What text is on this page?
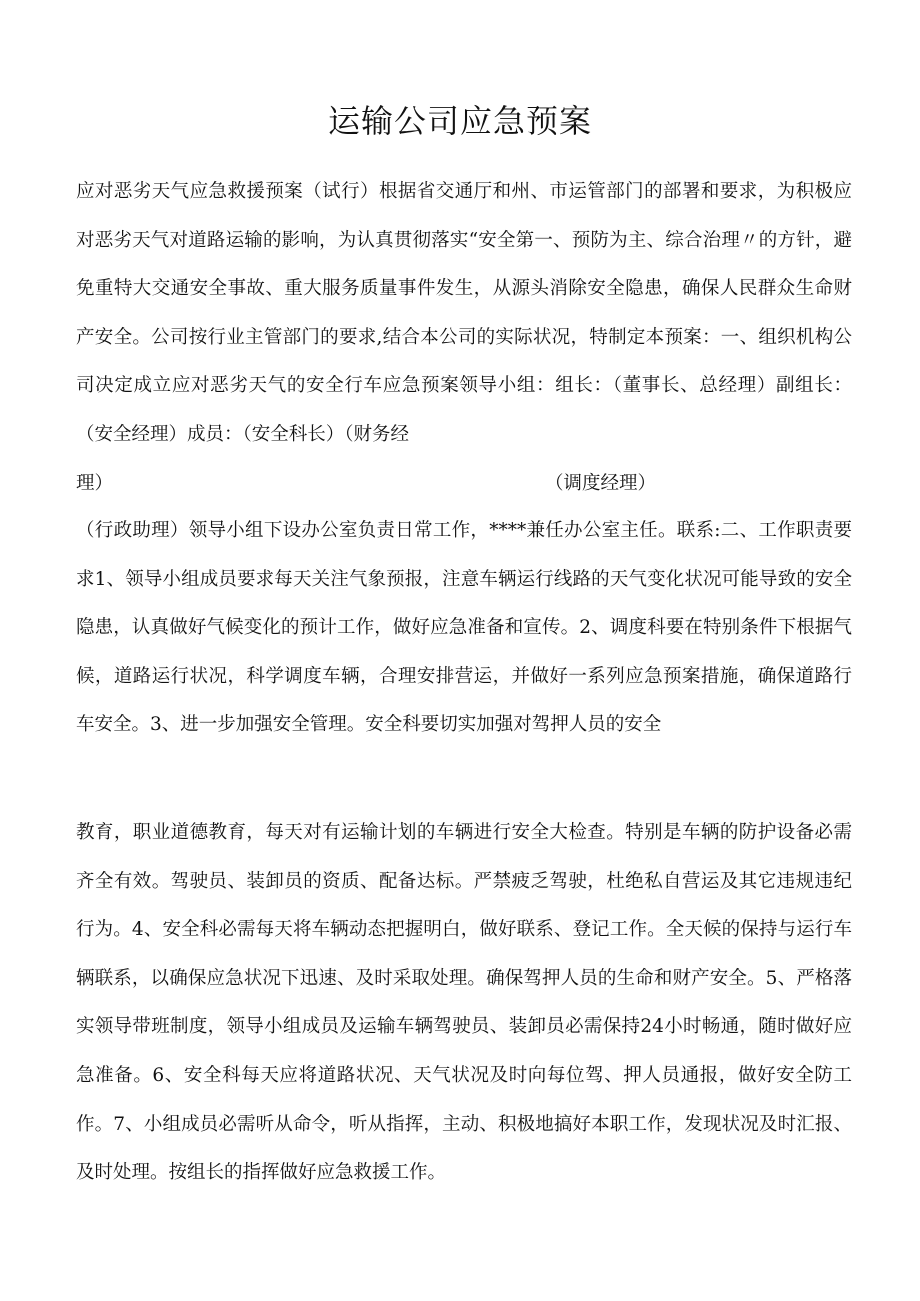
运输公司应急预案
应对恶劣天气应急救援预案（试行）根据省交通厅和州、市运管部门的部署和要求，为积极应对恶劣天气对道路运输的影响，为认真贯彻落实“安全第一、预防为主、综合治理〃的方针，避免重特大交通安全事故、重大服务质量事件发生，从源头消除安全隐患，确保人民群众生命财产安全。公司按行业主管部门的要求,结合本公司的实际状况，特制定本预案：一、组织机构公司决定成立应对恶劣天气的安全行车应急预案领导小组：组长：（董事长、总经理）副组长：（安全经理）成员：（安全科长）（财务经
理）	（调度经理）

（行政助理）领导小组下设办公室负责日常工作，****兼任办公室主任。联系:二、工作职责要求1、领导小组成员要求每天关注气象预报，注意车辆运行线路的天气变化状况可能导致的安全隐患，认真做好气候变化的预计工作，做好应急准备和宣传。2、调度科要在特别条件下根据气候，道路运行状况，科学调度车辆，合理安排营运，并做好一系列应急预案措施，确保道路行车安全。3、进一步加强安全管理。安全科要切实加强对驾押人员的安全

教育，职业道德教育，每天对有运输计划的车辆进行安全大检查。特别是车辆的防护设备必需齐全有效。驾驶员、装卸员的资质、配备达标。严禁疲乏驾驶，杜绝私自营运及其它违规违纪行为。4、安全科必需每天将车辆动态把握明白，做好联系、登记工作。全天候的保持与运行车辆联系，以确保应急状况下迅速、及时采取处理。确保驾押人员的生命和财产安全。5、严格落实领导带班制度，领导小组成员及运输车辆驾驶员、装卸员必需保持24小时畅通，随时做好应急准备。6、安全科每天应将道路状况、天气状况及时向每位驾、押人员通报，做好安全防工作。7、小组成员必需听从命令，听从指挥，主动、积极地搞好本职工作，发现状况及时汇报、及时处理。按组长的指挥做好应急救援工作。
